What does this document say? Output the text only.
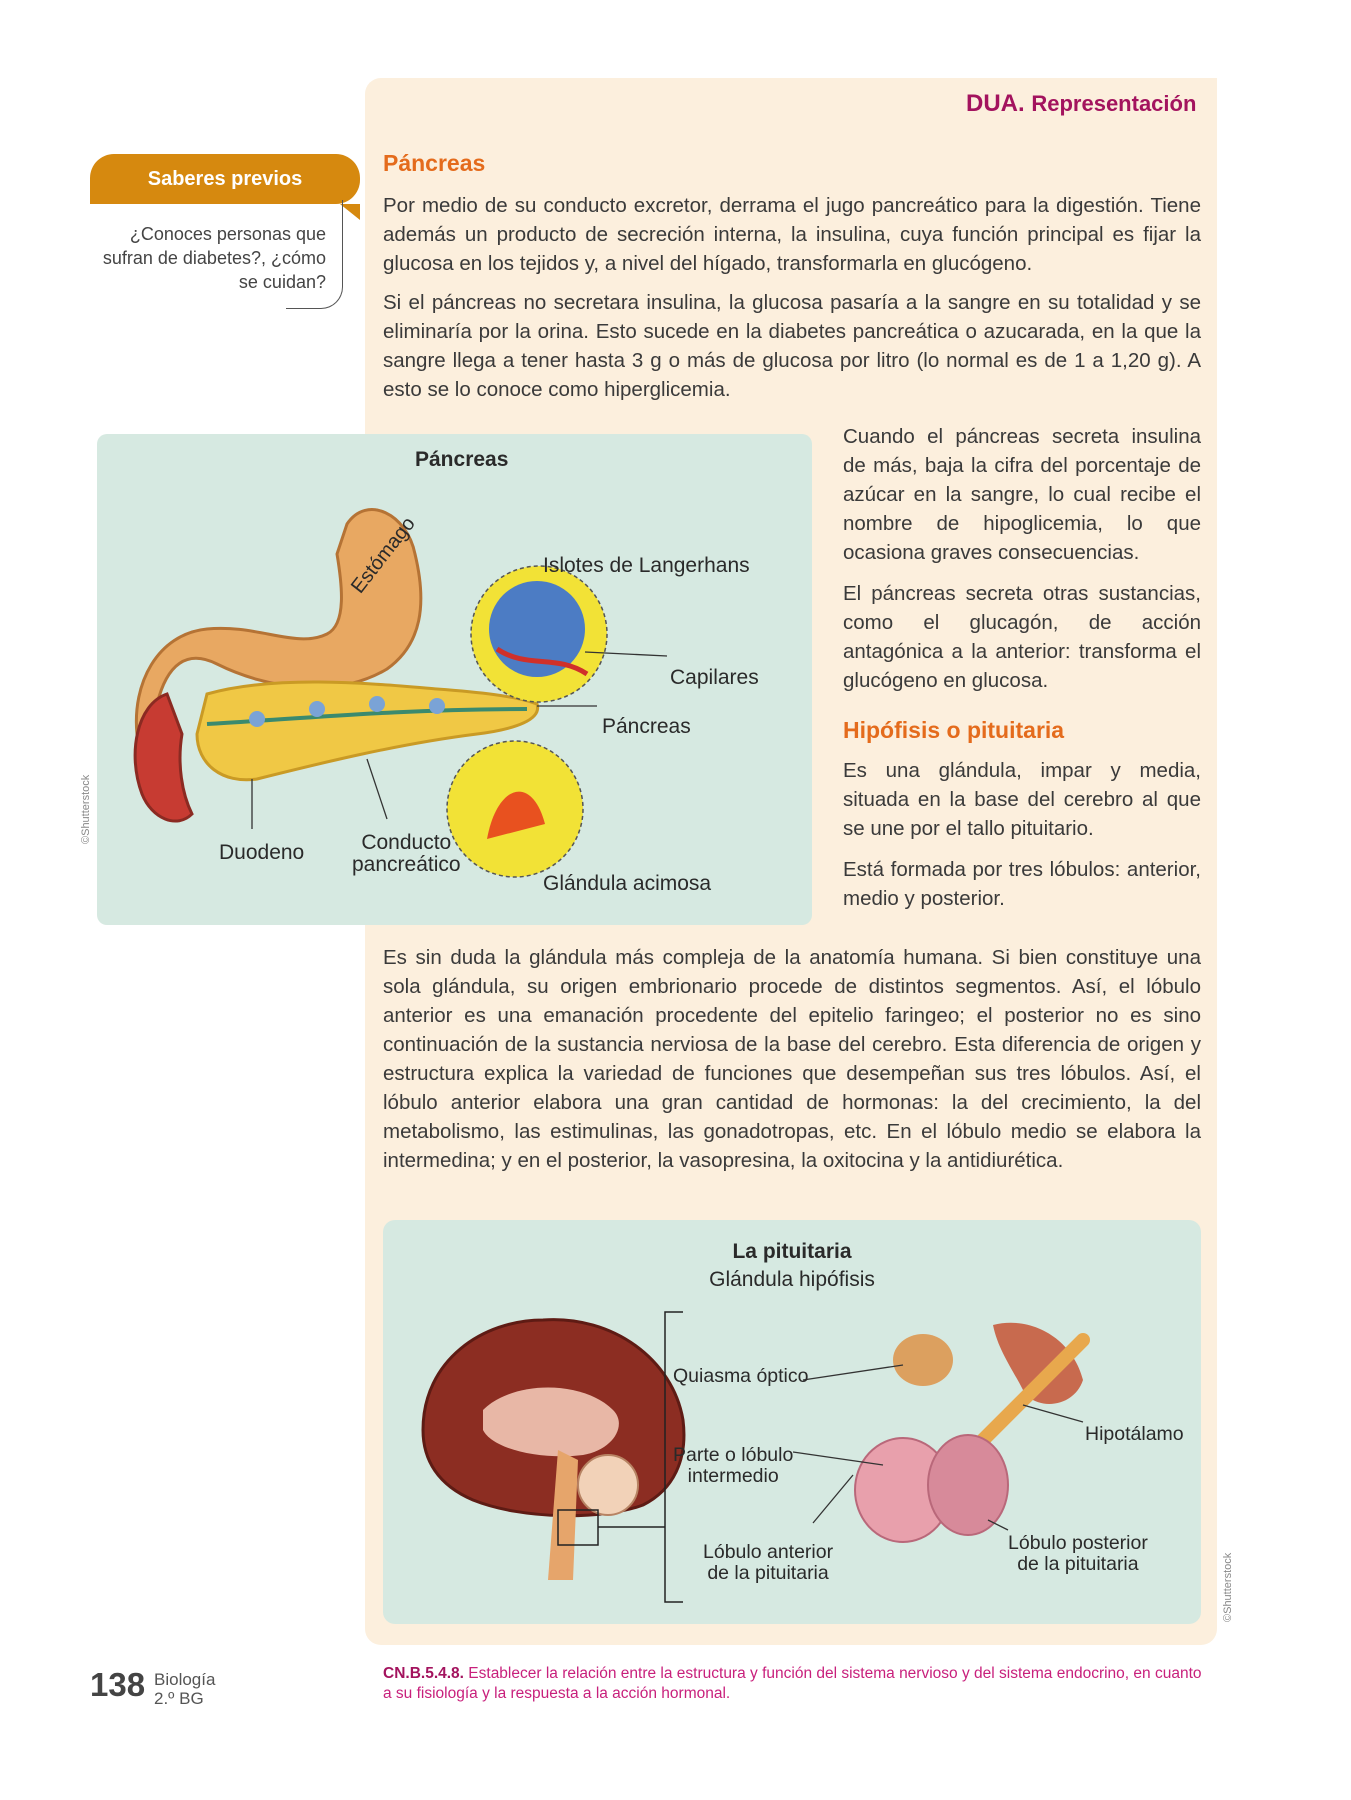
DUA. Representación
Saberes previos
¿Conoces personas que sufran de diabetes?, ¿cómo se cuidan?
Páncreas

Por medio de su conducto excretor, derrama el jugo pancreático para la digestión. Tiene además un producto de secreción interna, la insulina, cuya función principal es fijar la glucosa en los tejidos y, a nivel del hígado, transformarla en glucógeno.

Si el páncreas no secretara insulina, la glucosa pasaría a la sangre en su totalidad y se eliminaría por la orina. Esto sucede en la diabetes pancreática o azucarada, en la que la sangre llega a tener hasta 3 g o más de glucosa por litro (lo normal es de 1 a 1,20 g). A esto se lo conoce como hiperglicemia.

Cuando el páncreas secreta insulina de más, baja la cifra del porcentaje de azúcar en la sangre, lo cual recibe el nombre de hipoglicemia, lo que ocasiona graves consecuencias.

El páncreas secreta otras sustancias, como el glucagón, de acción antagónica a la anterior: transforma el glucógeno en glucosa.

Hipófisis o pituitaria

Es una glándula, impar y media, situada en la base del cerebro al que se une por el tallo pituitario.

Está formada por tres lóbulos: anterior, medio y posterior.

Páncreas
Estómago	Islotes de Langerhans
Capilares
Páncreas
Duodeno	Conducto
pancreático
Glándula acimosa
©Shutterstock

Es sin duda la glándula más compleja de la anatomía humana. Si bien constituye una sola glándula, su origen embrionario procede de distintos segmentos. Así, el lóbulo anterior es una emanación procedente del epitelio faringeo; el posterior no es sino continuación de la sustancia nerviosa de la base del cerebro. Esta diferencia de origen y estructura explica la variedad de funciones que desempeñan sus tres lóbulos. Así, el lóbulo anterior elabora una gran cantidad de hormonas: la del crecimiento, la del metabolismo, las estimulinas, las gonadotropas, etc. En el lóbulo medio se elabora la intermedina; y en el posterior, la vasopresina, la oxitocina y la antidiurética.

La pituitaria
Glándula hipófisis
Quiasma óptico
Hipotálamo
Parte o lóbulo
intermedio
Lóbulo anterior
de la pituitaria
Lóbulo posterior
de la pituitaria	©Shutterstock
138 Biología
2.º BG
CN.B.5.4.8. Establecer la relación entre la estructura y función del sistema nervioso y del sistema endocrino, en cuanto a su fisiología y la respuesta a la acción hormonal.
